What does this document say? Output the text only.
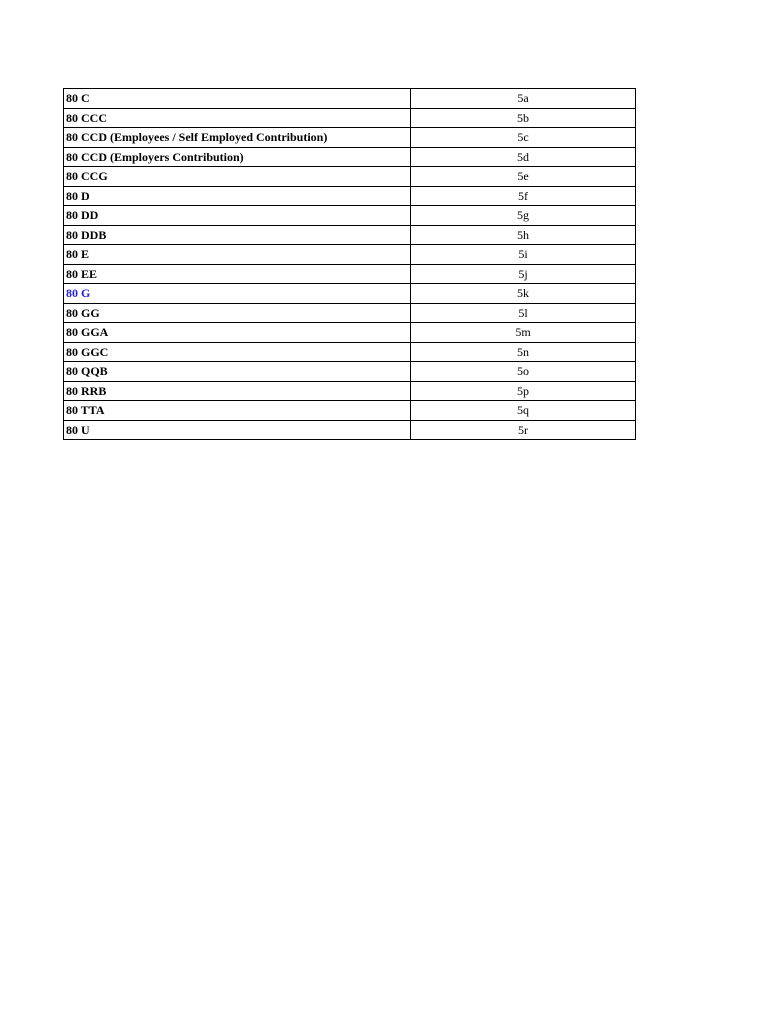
80 C	5a
80 CCC	5b
80 CCD (Employees / Self Employed Contribution)	5c
80 CCD (Employers Contribution)	5d
80 CCG	5e
80 D	5f
80 DD	5g
80 DDB	5h
80 E	5i
80 EE	5j
80 G	5k
80 GG	5l
80 GGA	5m
80 GGC	5n
80 QQB	5o
80 RRB	5p
80 TTA	5q
80 U	5r
